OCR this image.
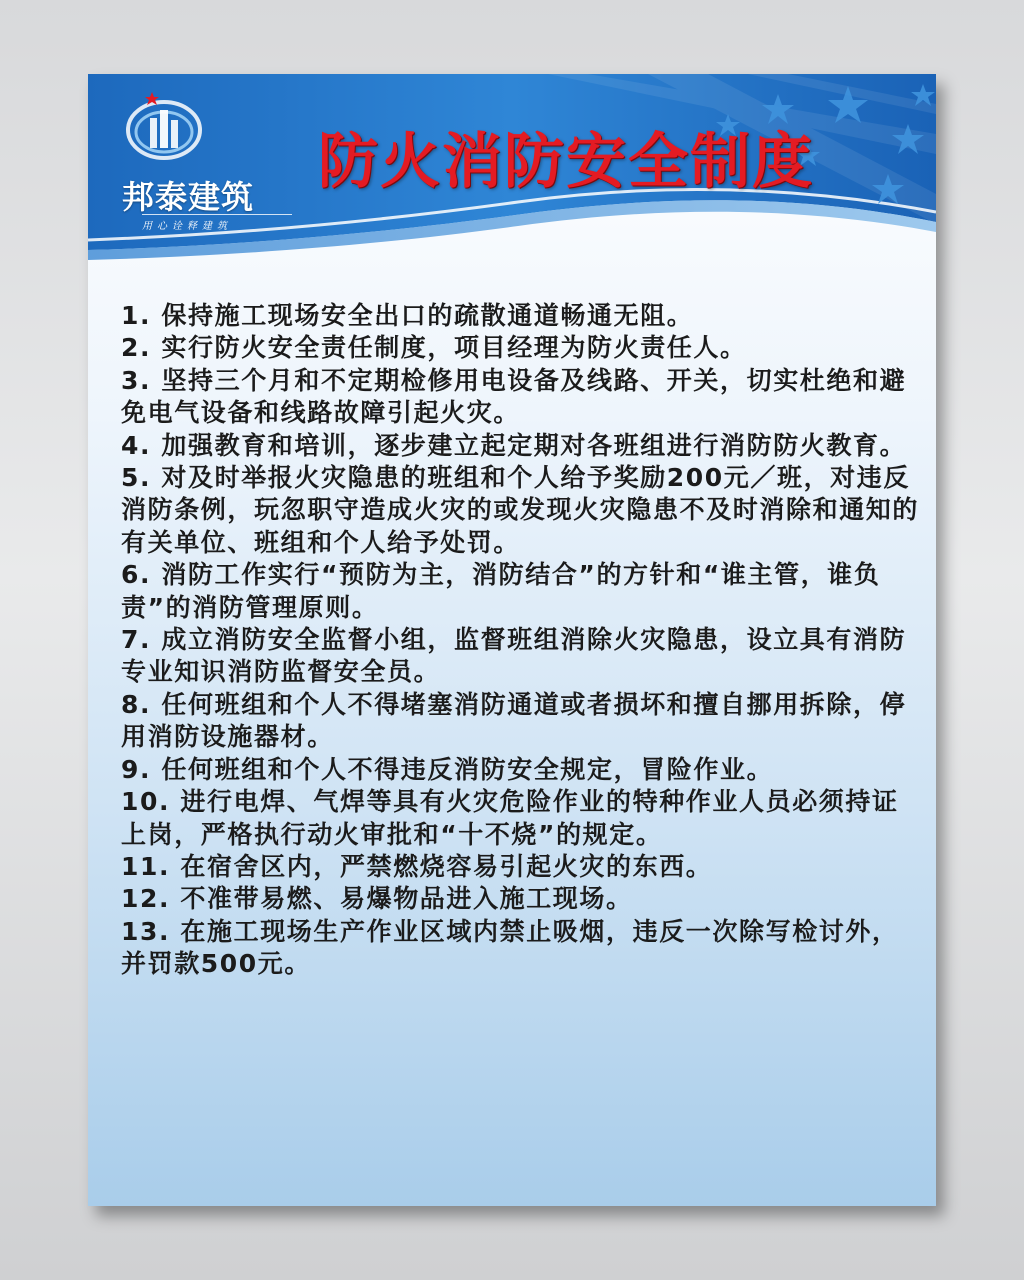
邦泰建筑
用心诠释建筑
防火消防安全制度
1. 保持施工现场安全出口的疏散通道畅通无阻。
2. 实行防火安全责任制度，项目经理为防火责任人。
3. 坚持三个月和不定期检修用电设备及线路、开关，切实杜绝和避免电气设备和线路故障引起火灾。
4. 加强教育和培训，逐步建立起定期对各班组进行消防防火教育。
5. 对及时举报火灾隐患的班组和个人给予奖励200元／班，对违反消防条例，玩忽职守造成火灾的或发现火灾隐患不及时消除和通知的有关单位、班组和个人给予处罚。
6. 消防工作实行“预防为主，消防结合”的方针和“谁主管，谁负责”的消防管理原则。
7. 成立消防安全监督小组，监督班组消除火灾隐患，设立具有消防专业知识消防监督安全员。
8. 任何班组和个人不得堵塞消防通道或者损坏和擅自挪用拆除，停用消防设施器材。
9. 任何班组和个人不得违反消防安全规定，冒险作业。
10. 进行电焊、气焊等具有火灾危险作业的特种作业人员必须持证上岗，严格执行动火审批和“十不烧”的规定。
11. 在宿舍区内，严禁燃烧容易引起火灾的东西。
12. 不准带易燃、易爆物品进入施工现场。
13. 在施工现场生产作业区域内禁止吸烟，违反一次除写检讨外，并罚款500元。
